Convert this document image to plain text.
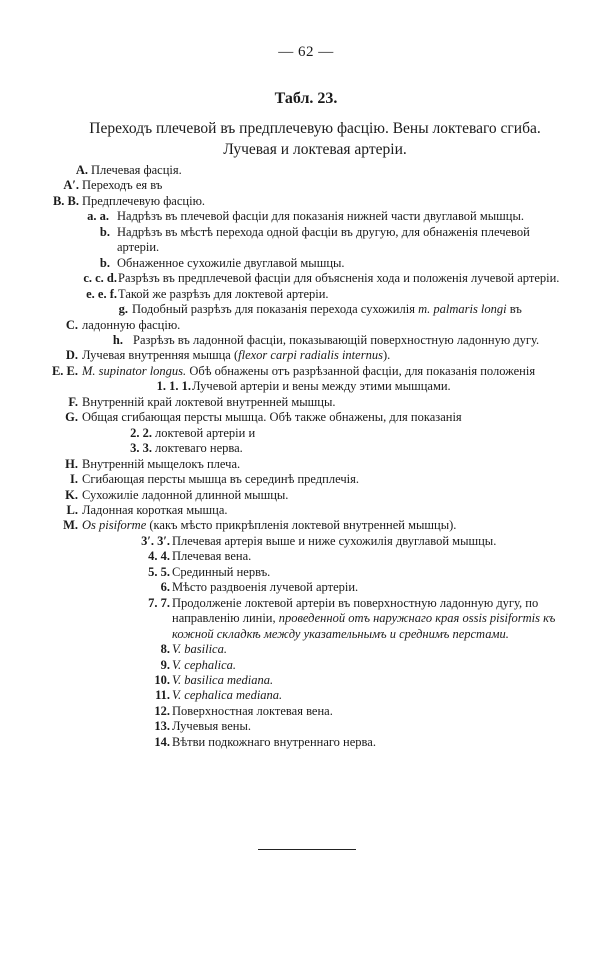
— 62 —
Табл. 23.
Переходъ плечевой въ предплечевую фасцію. Вены локтеваго сгиба. Лучевая и локтевая артеріи.
A. Плечевая фасція.
A′. Переходъ ея въ
B. B. Предплечевую фасцію.
a. a. Надрѣзъ въ плечевой фасціи для показанія нижней части двуглавой мышцы.
b. Надрѣзъ въ мѣстѣ перехода одной фасціи въ другую, для обнаженія плечевой артеріи.
b. Обнаженное сухожиліе двуглавой мышцы.
c. c. d. Разрѣзъ въ предплечевой фасціи для объясненія хода и положенія лучевой артеріи.
e. e. f. Такой же разрѣзъ для локтевой артеріи.
g. Подобный разрѣзъ для показанія перехода сухожилія m. palmaris longi въ
C. ладонную фасцію.
h. Разрѣзъ въ ладонной фасціи, показывающій поверхностную ладонную дугу.
D. Лучевая внутренняя мышца (flexor carpi radialis internus).
E. E. M. supinator longus. Обѣ обнажены отъ разрѣзанной фасціи, для показанія положенія
1. 1. 1. Лучевой артеріи и вены между этими мышцами.
F. Внутренній край локтевой внутренней мышцы.
G. Общая сгибающая персты мышца. Обѣ также обнажены, для показанія
2. 2. локтевой артеріи и
3. 3. локтеваго нерва.
H. Внутренній мыщелокъ плеча.
I. Сгибающая персты мышца въ серединѣ предплечія.
K. Сухожиліе ладонной длинной мышцы.
L. Ладонная короткая мышца.
M. Os pisiforme (какъ мѣсто прикрѣпленія локтевой внутренней мышцы).
3′. 3′. Плечевая артерія выше и ниже сухожилія двуглавой мышцы.
4. 4. Плечевая вена.
5. 5. Срединный нервъ.
6. Мѣсто раздвоенія лучевой артеріи.
7. 7. Продолженіе локтевой артеріи въ поверхностную ладонную дугу, по направленію линіи, проведенной отъ наружнаго края ossis pisiformis къ кожной складкѣ между указательнымъ и среднимъ перстами.
8. V. basilica.
9. V. cephalica.
10. V. basilica mediana.
11. V. cephalica mediana.
12. Поверхностная локтевая вена.
13. Лучевыя вены.
14. Вѣтви подкожнаго внутреннаго нерва.
